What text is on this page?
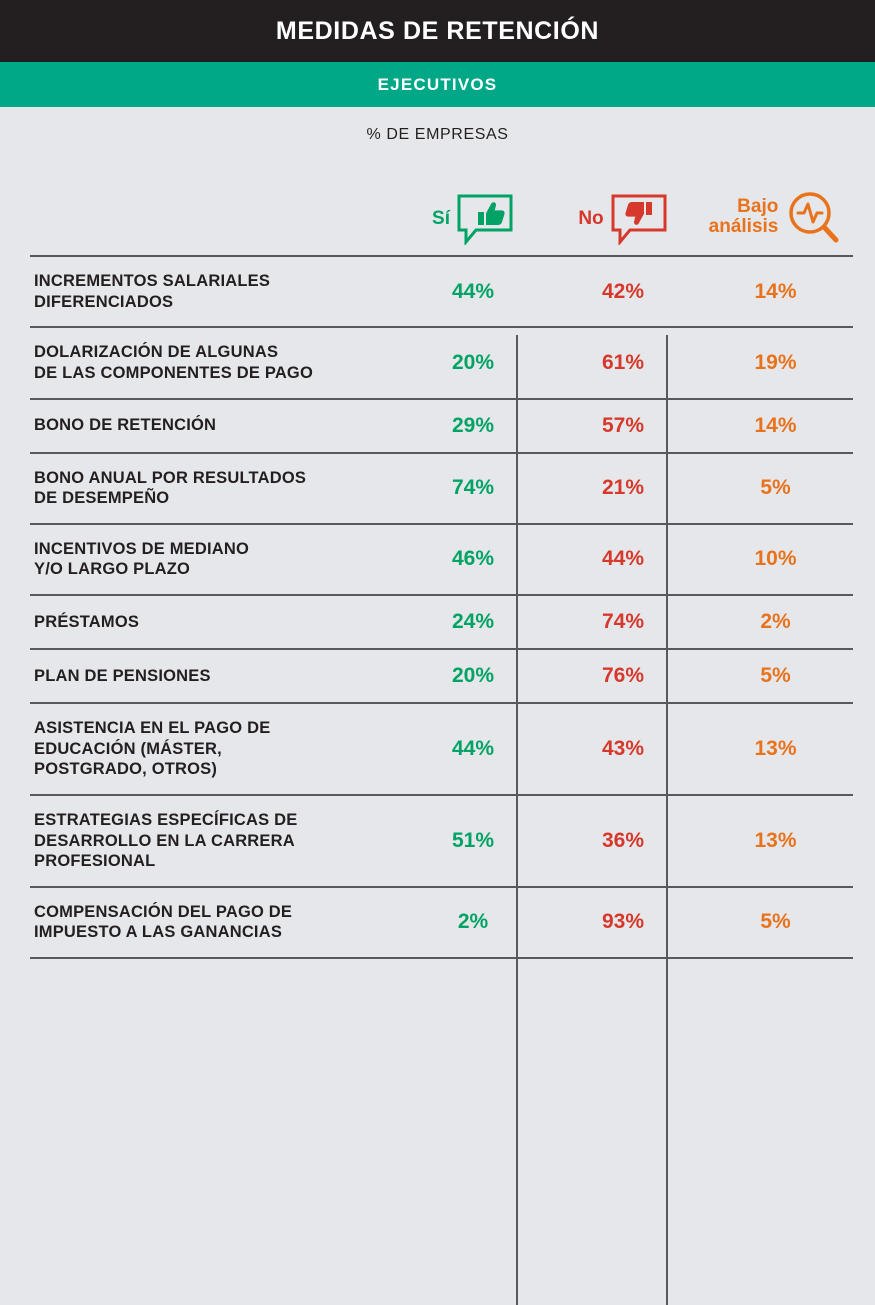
MEDIDAS DE RETENCIÓN
EJECUTIVOS
% DE EMPRESAS

	Sí	No	Bajo
análisis

INCREMENTOS SALARIALES
DIFERENCIADOS	44%	42%	14%
DOLARIZACIÓN DE ALGUNAS
DE LAS COMPONENTES DE PAGO	20%	61%	19%
BONO DE RETENCIÓN	29%	57%	14%
BONO ANUAL POR RESULTADOS
DE DESEMPEÑO	74%	21%	5%
INCENTIVOS DE MEDIANO
Y/O LARGO PLAZO	46%	44%	10%
PRÉSTAMOS	24%	74%	2%
PLAN DE PENSIONES	20%	76%	5%
ASISTENCIA EN EL PAGO DE
EDUCACIÓN (MÁSTER,
POSTGRADO, OTROS)	44%	43%	13%
ESTRATEGIAS ESPECÍFICAS DE
DESARROLLO EN LA CARRERA
PROFESIONAL	51%	36%	13%
COMPENSACIÓN DEL PAGO DE
IMPUESTO A LAS GANANCIAS	2%	93%	5%
